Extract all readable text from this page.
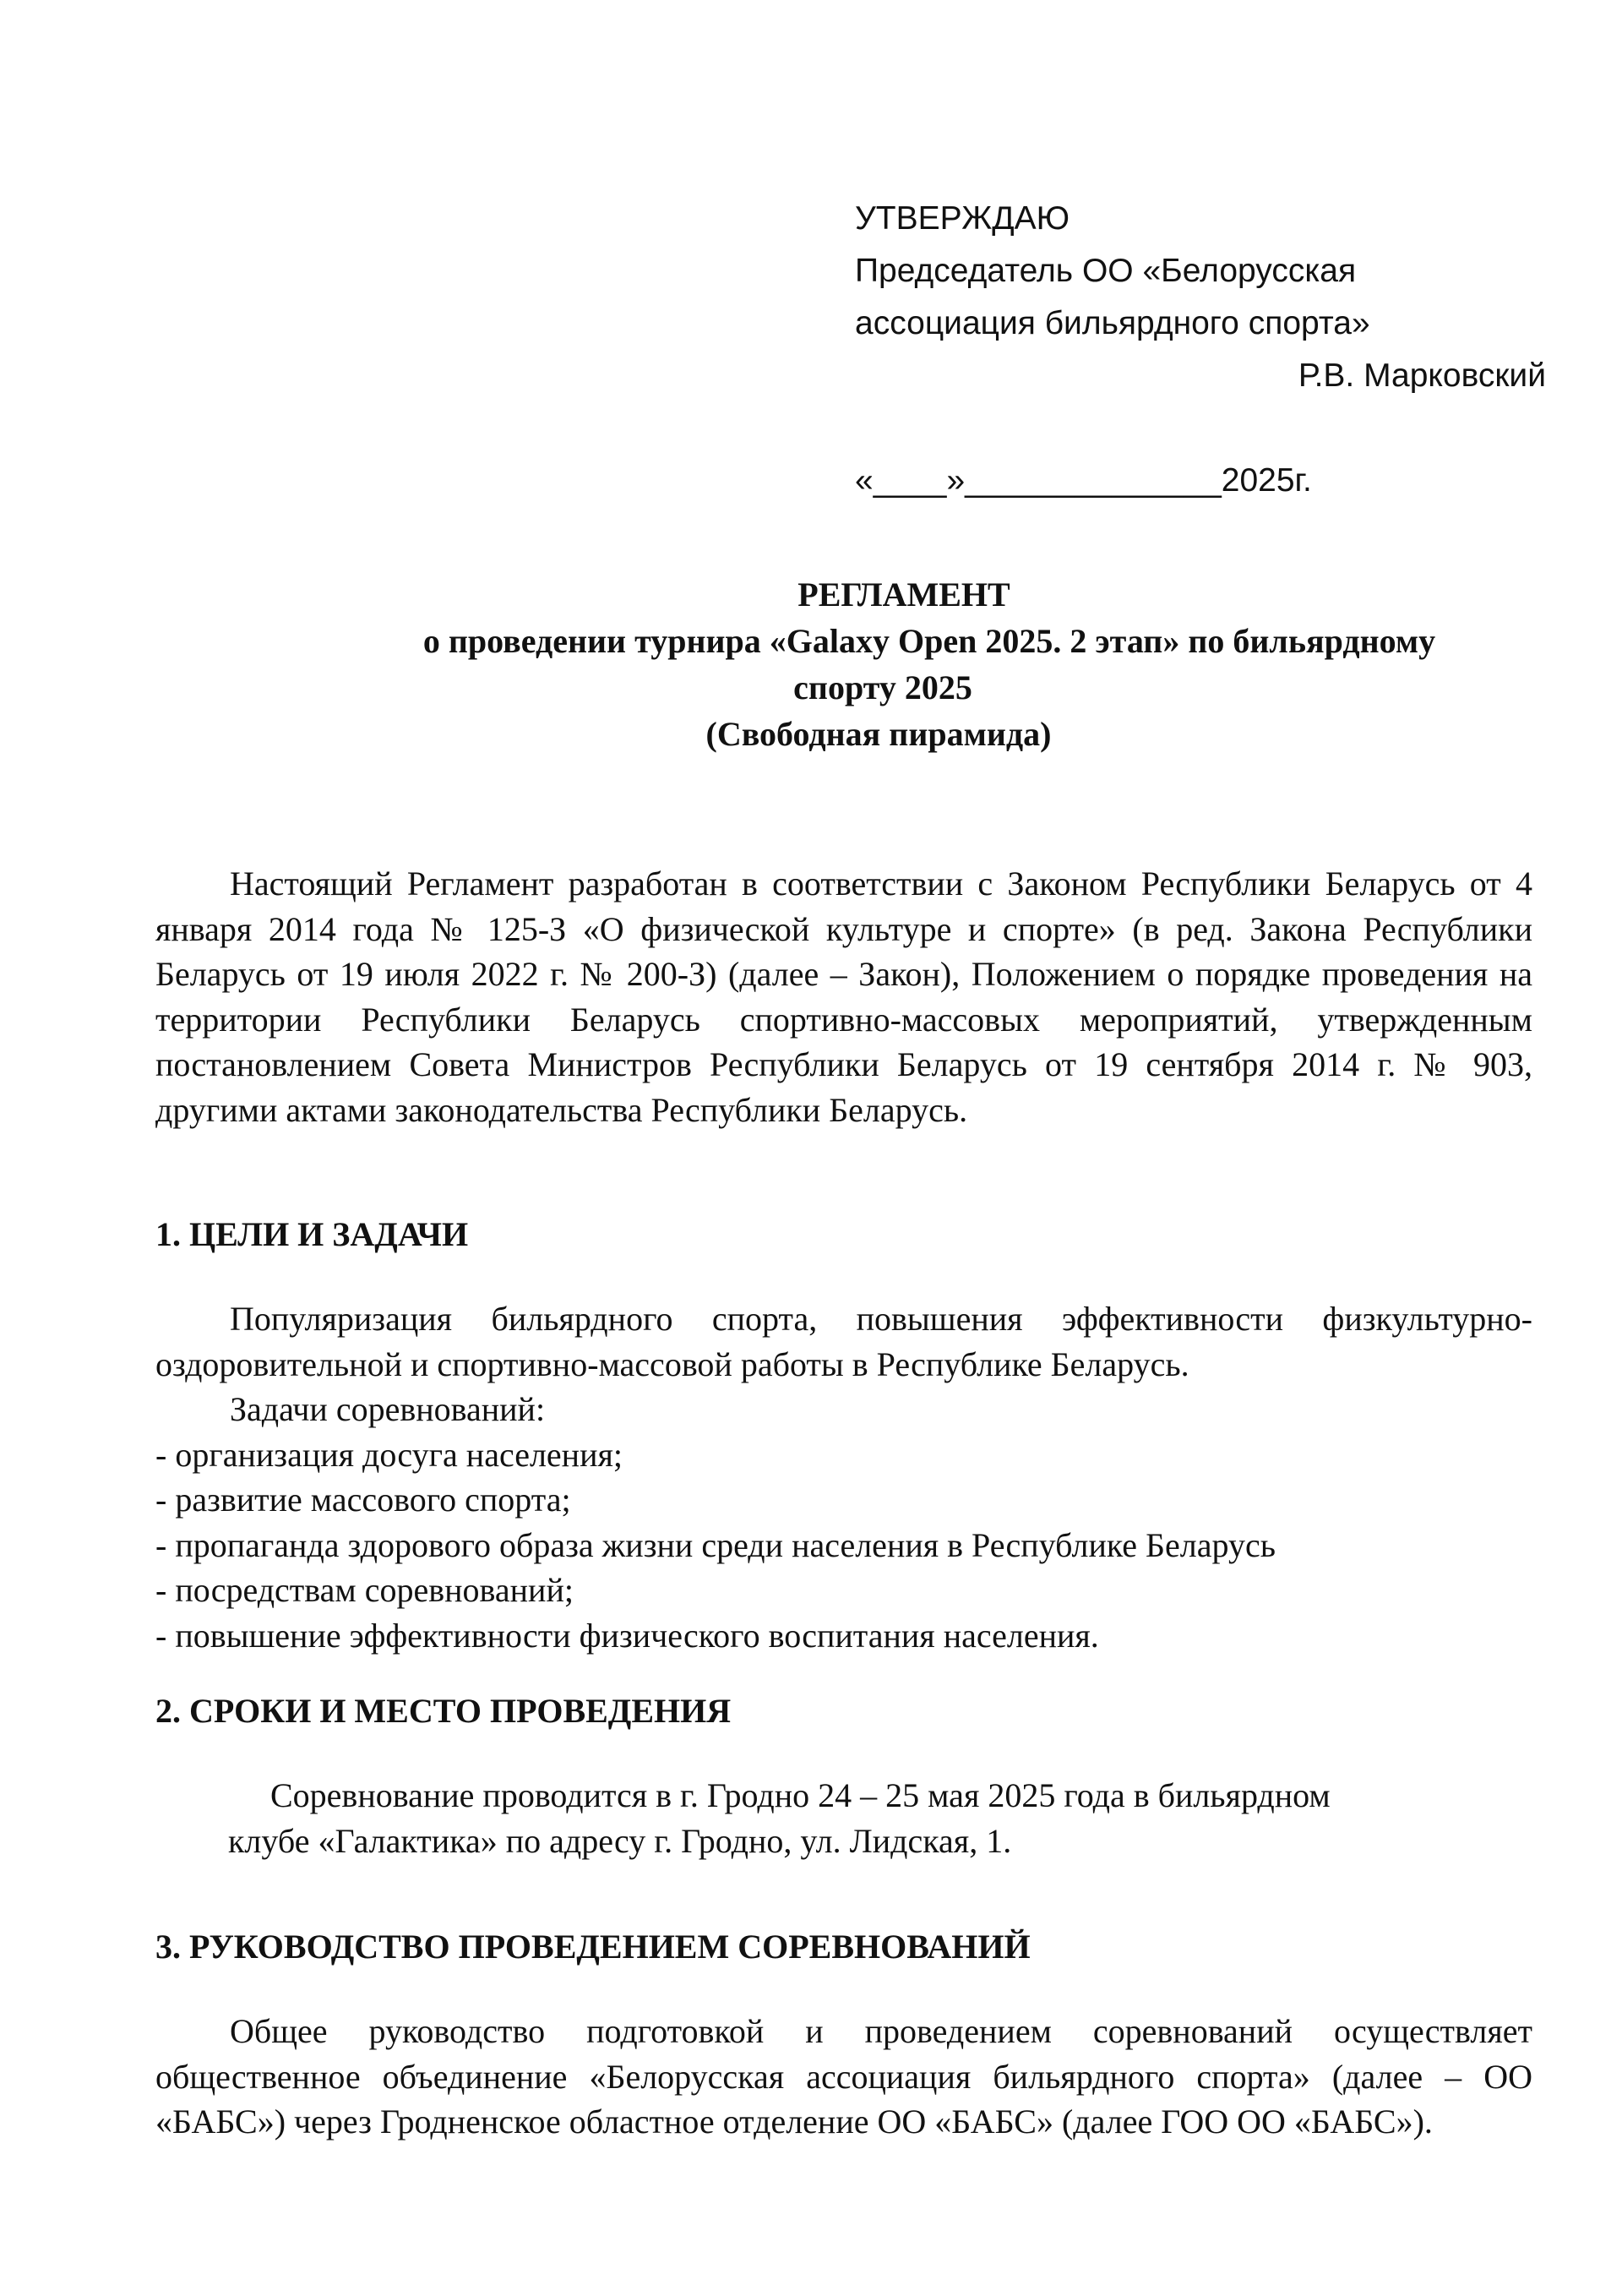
УТВЕРЖДАЮ
Председатель ОО «Белорусская
ассоциация бильярдного спорта»
Р.В. Марковский
«____»______________2025г.
РЕГЛАМЕНТ
о проведении турнира «Galaxy Open 2025. 2 этап» по бильярдному
спорту 2025
(Свободная пирамида)

Настоящий Регламент разработан в соответствии с Законом Республики Беларусь от 4 января 2014 года № 125-З «О физической культуре и спорте» (в ред. Закона Республики Беларусь от 19 июля 2022 г. № 200-З) (далее – Закон), Положением о порядке проведения на территории Республики Беларусь спортивно-массовых мероприятий, утвержденным постановлением Совета Министров Республики Беларусь от 19 сентября 2014 г. № 903, другими актами законодательства Республики Беларусь.

1. ЦЕЛИ И ЗАДАЧИ

Популяризация бильярдного спорта, повышения эффективности физкультурно-оздоровительной и спортивно-массовой работы в Республике Беларусь.

Задачи соревнований:
- организация досуга населения;
- развитие массового спорта;
- пропаганда здорового образа жизни среди населения в Республике Беларусь
- посредствам соревнований;
- повышение эффективности физического воспитания населения.
2. СРОКИ И МЕСТО ПРОВЕДЕНИЯ
Соревнование проводится в г. Гродно 24 – 25 мая 2025 года в бильярдном
клубе «Галактика» по адресу г. Гродно, ул. Лидская, 1.
3. РУКОВОДСТВО ПРОВЕДЕНИЕМ СОРЕВНОВАНИЙ

Общее руководство подготовкой и проведением соревнований осуществляет общественное объединение «Белорусская ассоциация бильярдного спорта» (далее – ОО «БАБС») через Гродненское областное отделение ОО «БАБС» (далее ГОО ОО «БАБС»).
